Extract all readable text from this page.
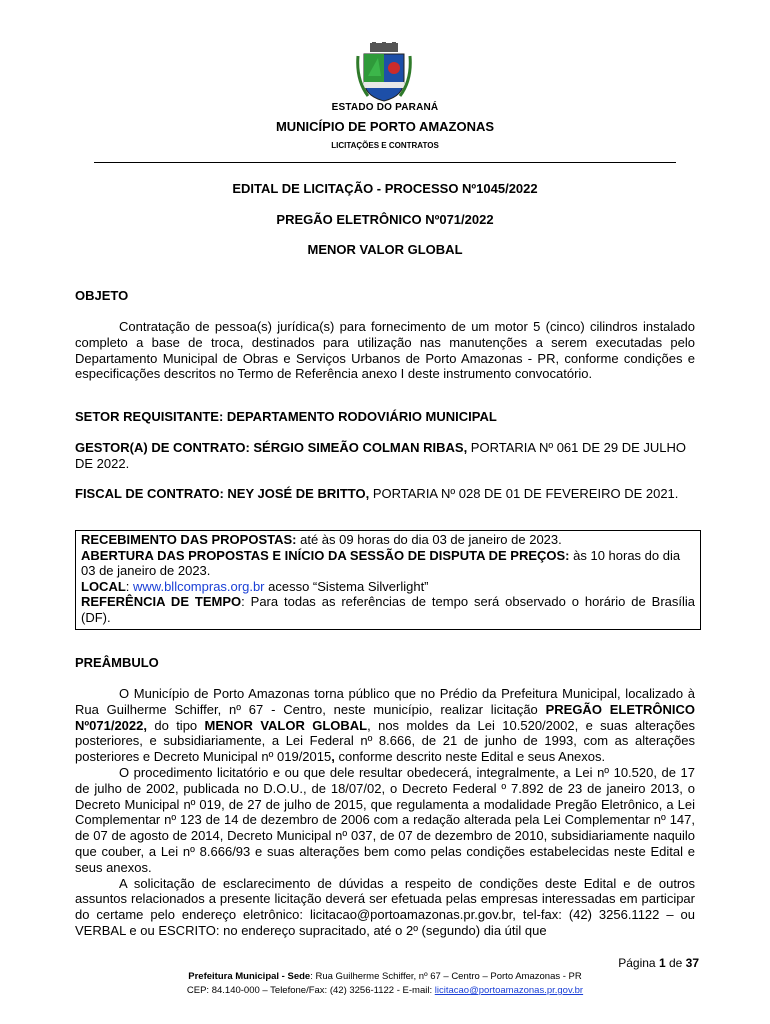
ESTADO DO PARANÁ
MUNICÍPIO DE PORTO AMAZONAS
LICITAÇÕES E CONTRATOS
EDITAL DE LICITAÇÃO - PROCESSO Nº1045/2022
PREGÃO ELETRÔNICO Nº071/2022
MENOR VALOR GLOBAL
OBJETO
Contratação de pessoa(s) jurídica(s) para fornecimento de um motor 5 (cinco) cilindros instalado completo a base de troca, destinados para utilização nas manutenções a serem executadas pelo Departamento Municipal de Obras e Serviços Urbanos de Porto Amazonas - PR, conforme condições e especificações descritos no Termo de Referência anexo I deste instrumento convocatório.
SETOR REQUISITANTE: DEPARTAMENTO RODOVIÁRIO MUNICIPAL
GESTOR(A) DE CONTRATO: SÉRGIO SIMEÃO COLMAN RIBAS, PORTARIA Nº 061 DE 29 DE JULHO DE 2022.
FISCAL DE CONTRATO: NEY JOSÉ DE BRITTO, PORTARIA Nº 028 DE 01 DE FEVEREIRO DE 2021.
RECEBIMENTO DAS PROPOSTAS: até às 09 horas do dia 03 de janeiro de 2023.
ABERTURA DAS PROPOSTAS E INÍCIO DA SESSÃO DE DISPUTA DE PREÇOS: às 10 horas do dia 03 de janeiro de 2023.
LOCAL: www.bllcompras.org.br acesso “Sistema Silverlight”
REFERÊNCIA DE TEMPO: Para todas as referências de tempo será observado o horário de Brasília (DF).
PREÂMBULO

O Município de Porto Amazonas torna público que no Prédio da Prefeitura Municipal, localizado à Rua Guilherme Schiffer, nº 67 - Centro, neste município, realizar licitação PREGÃO ELETRÔNICO Nº071/2022, do tipo MENOR VALOR GLOBAL, nos moldes da Lei 10.520/2002, e suas alterações posteriores, e subsidiariamente, a Lei Federal nº 8.666, de 21 de junho de 1993, com as alterações posteriores e Decreto Municipal nº 019/2015, conforme descrito neste Edital e seus Anexos.

O procedimento licitatório e ou que dele resultar obedecerá, integralmente, a Lei nº 10.520, de 17 de julho de 2002, publicada no D.O.U., de 18/07/02, o Decreto Federal º 7.892 de 23 de janeiro 2013, o Decreto Municipal nº 019, de 27 de julho de 2015, que regulamenta a modalidade Pregão Eletrônico, a Lei Complementar nº 123 de 14 de dezembro de 2006 com a redação alterada pela Lei Complementar nº 147, de 07 de agosto de 2014, Decreto Municipal nº 037, de 07 de dezembro de 2010, subsidiariamente naquilo que couber, a Lei nº 8.666/93 e suas alterações bem como pelas condições estabelecidas neste Edital e seus anexos.

A solicitação de esclarecimento de dúvidas a respeito de condições deste Edital e de outros assuntos relacionados a presente licitação deverá ser efetuada pelas empresas interessadas em participar do certame pelo endereço eletrônico: licitacao@portoamazonas.pr.gov.br, tel-fax: (42) 3256.1122 – ou VERBAL e ou ESCRITO: no endereço supracitado, até o 2º (segundo) dia útil que

Página 1 de 37
Prefeitura Municipal - Sede: Rua Guilherme Schiffer, nº 67 – Centro – Porto Amazonas - PR
CEP: 84.140-000 – Telefone/Fax: (42) 3256-1122 - E-mail: licitacao@portoamazonas.pr.gov.br
